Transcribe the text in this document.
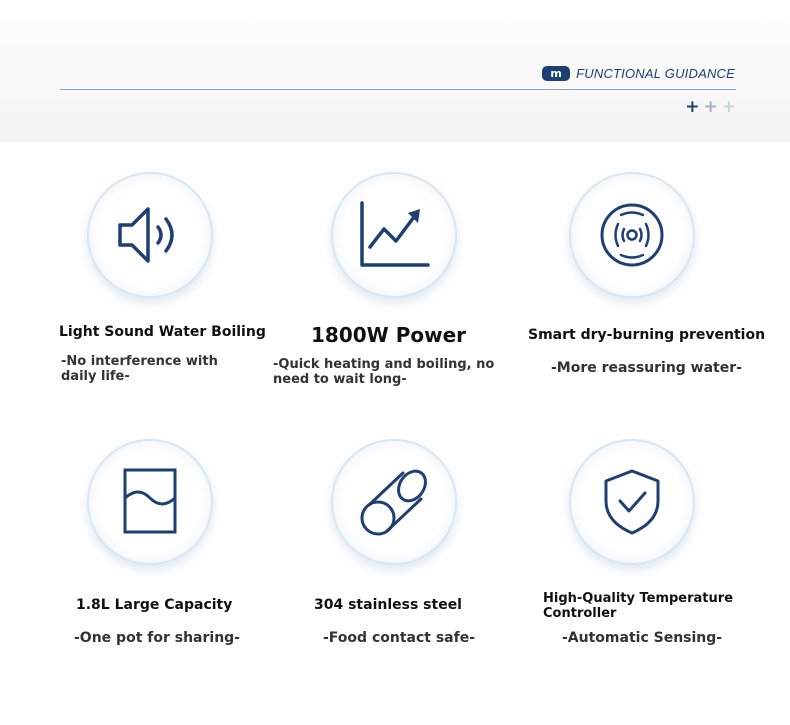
m	FUNCTIONAL GUIDANCE
+ + +
Light Sound Water Boiling
-No interference with daily life-
1800W Power
-Quick heating and boiling, no need to wait long-
Smart dry-burning prevention
-More reassuring water-
1.8L Large Capacity
-One pot for sharing-
304 stainless steel
-Food contact safe-
High-Quality Temperature Controller
-Automatic Sensing-
